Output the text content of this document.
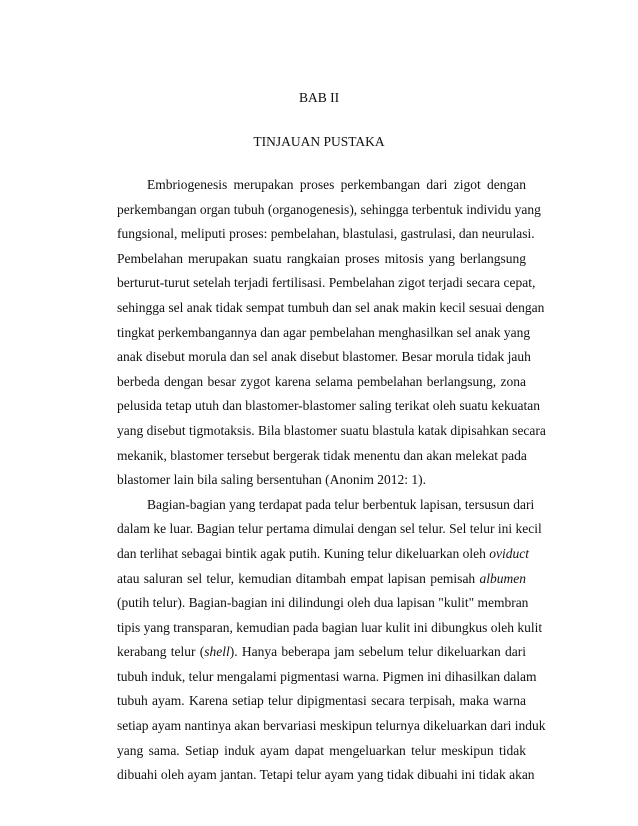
BAB II
TINJAUAN PUSTAKA
Embriogenesis merupakan proses perkembangan dari zigot dengan
perkembangan organ tubuh (organogenesis), sehingga terbentuk individu yang
fungsional, meliputi proses: pembelahan, blastulasi, gastrulasi, dan neurulasi.
Pembelahan merupakan suatu rangkaian proses mitosis yang berlangsung
berturut-turut setelah terjadi fertilisasi. Pembelahan zigot terjadi secara cepat,
sehingga sel anak tidak sempat tumbuh dan sel anak makin kecil sesuai dengan
tingkat perkembangannya dan agar pembelahan menghasilkan sel anak yang
anak disebut morula dan sel anak disebut blastomer. Besar morula tidak jauh
berbeda dengan besar zygot karena selama pembelahan berlangsung, zona
pelusida tetap utuh dan blastomer-blastomer saling terikat oleh suatu kekuatan
yang disebut tigmotaksis. Bila blastomer suatu blastula katak dipisahkan secara
mekanik, blastomer tersebut bergerak tidak menentu dan akan melekat pada
blastomer lain bila saling bersentuhan (Anonim 2012: 1).
Bagian-bagian yang terdapat pada telur berbentuk lapisan, tersusun dari
dalam ke luar. Bagian telur pertama dimulai dengan sel telur. Sel telur ini kecil
dan terlihat sebagai bintik agak putih. Kuning telur dikeluarkan oleh oviduct
atau saluran sel telur, kemudian ditambah empat lapisan pemisah albumen
(putih telur). Bagian-bagian ini dilindungi oleh dua lapisan "kulit" membran
tipis yang transparan, kemudian pada bagian luar kulit ini dibungkus oleh kulit
kerabang telur (shell). Hanya beberapa jam sebelum telur dikeluarkan dari
tubuh induk, telur mengalami pigmentasi warna. Pigmen ini dihasilkan dalam
tubuh ayam. Karena setiap telur dipigmentasi secara terpisah, maka warna
setiap ayam nantinya akan bervariasi meskipun telurnya dikeluarkan dari induk
yang sama. Setiap induk ayam dapat mengeluarkan telur meskipun tidak
dibuahi oleh ayam jantan. Tetapi telur ayam yang tidak dibuahi ini tidak akan
